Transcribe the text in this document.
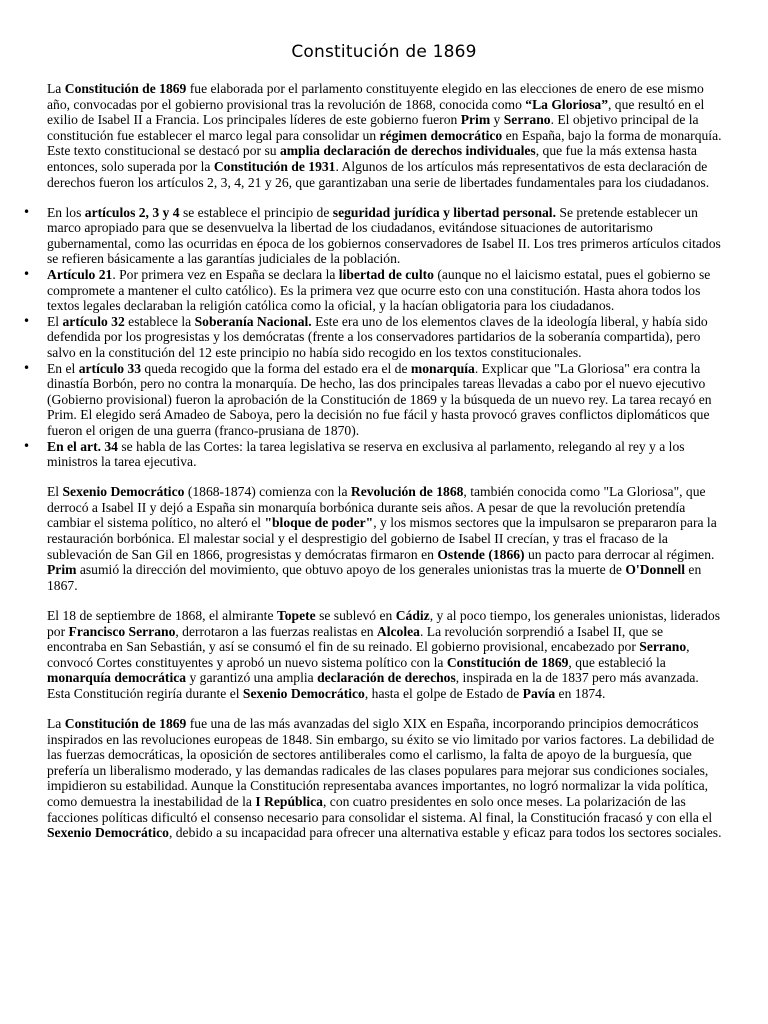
Constitución de 1869

La Constitución de 1869 fue elaborada por el parlamento constituyente elegido en las elecciones de enero de ese mismo año, convocadas por el gobierno provisional tras la revolución de 1868, conocida como “La Gloriosa”, que resultó en el exilio de Isabel II a Francia. Los principales líderes de este gobierno fueron Prim y Serrano. El objetivo principal de la constitución fue establecer el marco legal para consolidar un régimen democrático en España, bajo la forma de monarquía. Este texto constitucional se destacó por su amplia declaración de derechos individuales, que fue la más extensa hasta entonces, solo superada por la Constitución de 1931. Algunos de los artículos más representativos de esta declaración de derechos fueron los artículos 2, 3, 4, 21 y 26, que garantizaban una serie de libertades fundamentales para los ciudadanos.

• En los artículos 2, 3 y 4 se establece el principio de seguridad jurídica y libertad personal. Se pretende establecer un marco apropiado para que se desenvuelva la libertad de los ciudadanos, evitándose situaciones de autoritarismo gubernamental, como las ocurridas en época de los gobiernos conservadores de Isabel II. Los tres primeros artículos citados se refieren básicamente a las garantías judiciales de la población.
• Artículo 21. Por primera vez en España se declara la libertad de culto (aunque no el laicismo estatal, pues el gobierno se compromete a mantener el culto católico). Es la primera vez que ocurre esto con una constitución. Hasta ahora todos los textos legales declaraban la religión católica como la oficial, y la hacían obligatoria para los ciudadanos.
• El artículo 32 establece la Soberanía Nacional. Este era uno de los elementos claves de la ideología liberal, y había sido defendida por los progresistas y los demócratas (frente a los conservadores partidarios de la soberanía compartida), pero salvo en la constitución del 12 este principio no había sido recogido en los textos constitucionales.
• En el artículo 33 queda recogido que la forma del estado era el de monarquía. Explicar que "La Gloriosa" era contra la dinastía Borbón, pero no contra la monarquía. De hecho, las dos principales tareas llevadas a cabo por el nuevo ejecutivo (Gobierno provisional) fueron la aprobación de la Constitución de 1869 y la búsqueda de un nuevo rey. La tarea recayó en Prim. El elegido será Amadeo de Saboya, pero la decisión no fue fácil y hasta provocó graves conflictos diplomáticos que fueron el origen de una guerra (franco-prusiana de 1870).
• En el art. 34 se habla de las Cortes: la tarea legislativa se reserva en exclusiva al parlamento, relegando al rey y a los ministros la tarea ejecutiva.

El Sexenio Democrático (1868-1874) comienza con la Revolución de 1868, también conocida como "La Gloriosa", que derrocó a Isabel II y dejó a España sin monarquía borbónica durante seis años. A pesar de que la revolución pretendía cambiar el sistema político, no alteró el "bloque de poder", y los mismos sectores que la impulsaron se prepararon para la restauración borbónica. El malestar social y el desprestigio del gobierno de Isabel II crecían, y tras el fracaso de la sublevación de San Gil en 1866, progresistas y demócratas firmaron en Ostende (1866) un pacto para derrocar al régimen. Prim asumió la dirección del movimiento, que obtuvo apoyo de los generales unionistas tras la muerte de O'Donnell en 1867.

El 18 de septiembre de 1868, el almirante Topete se sublevó en Cádiz, y al poco tiempo, los generales unionistas, liderados por Francisco Serrano, derrotaron a las fuerzas realistas en Alcolea. La revolución sorprendió a Isabel II, que se encontraba en San Sebastián, y así se consumó el fin de su reinado. El gobierno provisional, encabezado por Serrano, convocó Cortes constituyentes y aprobó un nuevo sistema político con la Constitución de 1869, que estableció la monarquía democrática y garantizó una amplia declaración de derechos, inspirada en la de 1837 pero más avanzada. Esta Constitución regiría durante el Sexenio Democrático, hasta el golpe de Estado de Pavía en 1874.

La Constitución de 1869 fue una de las más avanzadas del siglo XIX en España, incorporando principios democráticos inspirados en las revoluciones europeas de 1848. Sin embargo, su éxito se vio limitado por varios factores. La debilidad de las fuerzas democráticas, la oposición de sectores antiliberales como el carlismo, la falta de apoyo de la burguesía, que prefería un liberalismo moderado, y las demandas radicales de las clases populares para mejorar sus condiciones sociales, impidieron su estabilidad. Aunque la Constitución representaba avances importantes, no logró normalizar la vida política, como demuestra la inestabilidad de la I República, con cuatro presidentes en solo once meses. La polarización de las facciones políticas dificultó el consenso necesario para consolidar el sistema. Al final, la Constitución fracasó y con ella el Sexenio Democrático, debido a su incapacidad para ofrecer una alternativa estable y eficaz para todos los sectores sociales.
